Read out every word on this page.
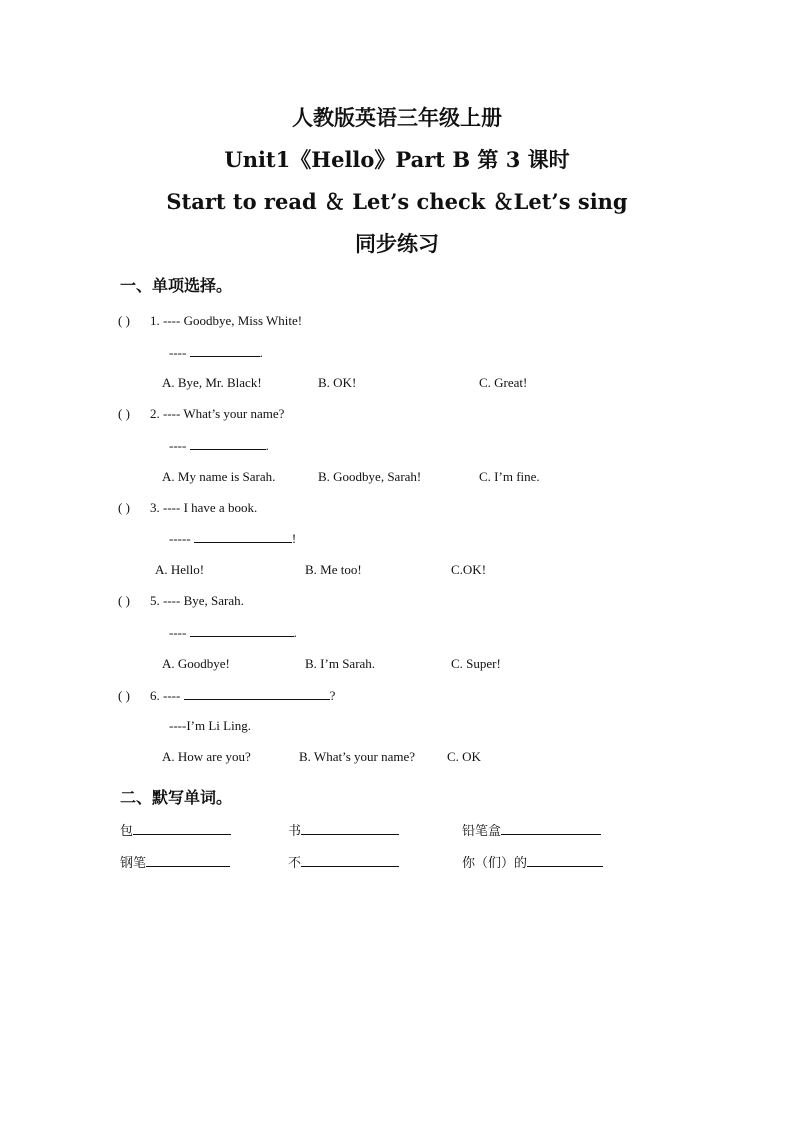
人教版英语三年级上册
Unit1《Hello》Part B 第 3 课时
Start to read ＆ Let’s check ＆Let’s sing
同步练习
一、单项选择。
( ) 1. ---- Goodbye, Miss White!
----	.
A. Bye, Mr. Black!	B. OK!	C. Great!
( ) 2. ---- What’s your name?
----	.
A. My name is Sarah.	B. Goodbye, Sarah!	C. I’m fine.
( ) 3. ---- I have a book.
-----	!
A. Hello!	B. Me too!	C.OK!
( ) 5. ---- Bye, Sarah.
----	.
A. Goodbye!	B. I’m Sarah.	C. Super!
( ) 6. ----	?
----I’m Li Ling.
A. How are you?	B. What’s your name? C. OK
二、默写单词。
包	书	铅笔盒
钢笔	不	你（们）的
